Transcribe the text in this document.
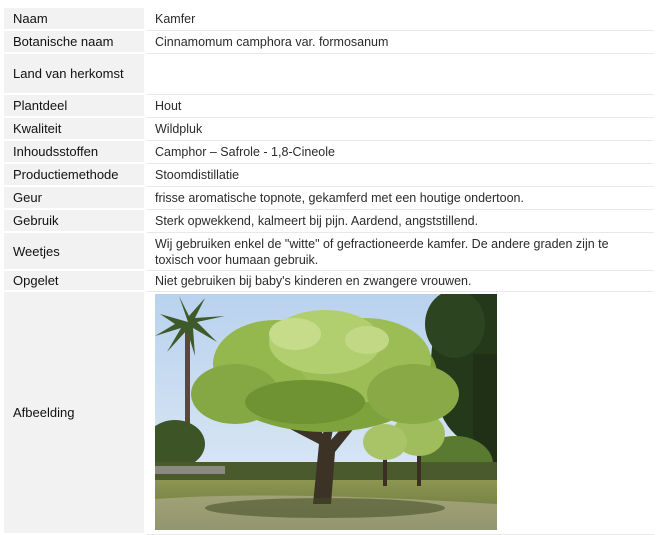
Naam	Kamfer
Botanische naam	Cinnamomum camphora var. formosanum
Land van herkomst	
Plantdeel	Hout
Kwaliteit	Wildpluk
Inhoudsstoffen	Camphor – Safrole - 1,8-Cineole
Productiemethode	Stoomdistillatie
Geur	frisse aromatische topnote, gekamferd met een houtige ondertoon.
Gebruik	Sterk opwekkend, kalmeert bij pijn. Aardend, angststillend.
Weetjes	Wij gebruiken enkel de "witte" of gefractioneerde kamfer. De andere graden zijn te toxisch voor humaan gebruik.
Opgelet	Niet gebruiken bij baby's kinderen en zwangere vrouwen.
Afbeelding	
